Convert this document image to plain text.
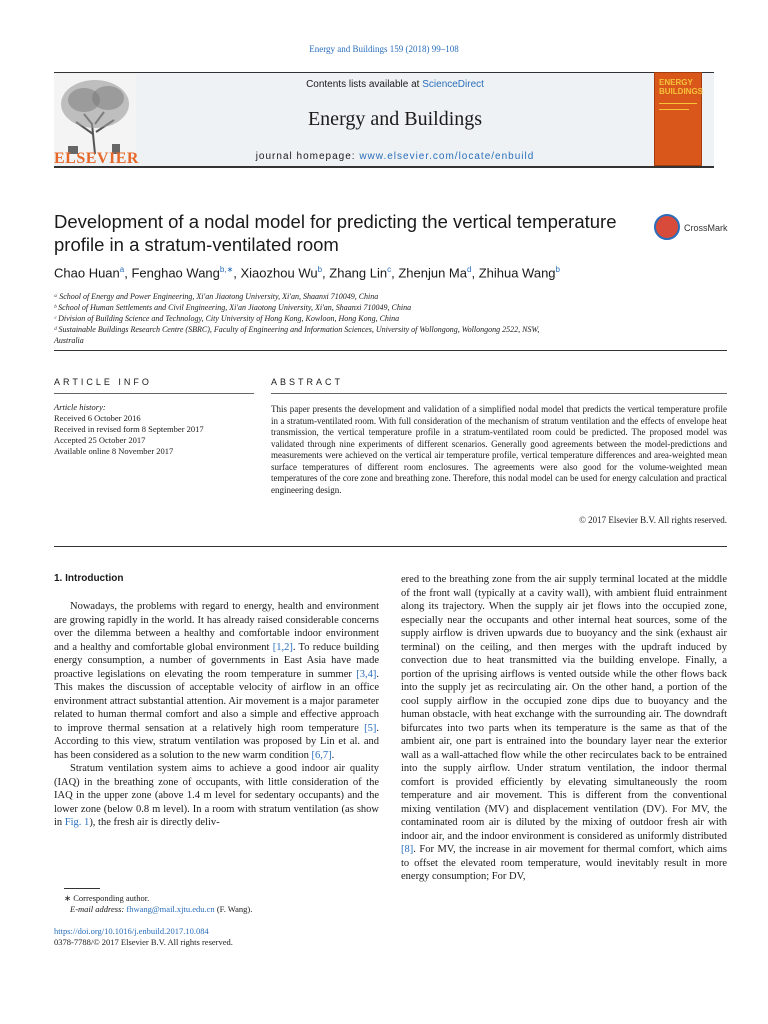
Energy and Buildings 159 (2018) 99–108
ELSEVIER
Contents lists available at ScienceDirect
Energy and Buildings
journal homepage: www.elsevier.com/locate/enbuild
ENERGY
BUILDINGS
Development of a nodal model for predicting the vertical temperature profile in a stratum-ventilated room
CrossMark
Chao Huan$^a$, Fenghao Wang$^{b,∗}$, Xiaozhou Wu$^b$, Zhang Lin$^c$, Zhenjun Ma$^d$, Zhihua Wang$^b$
ᵃ School of Energy and Power Engineering, Xi'an Jiaotong University, Xi'an, Shaanxi 710049, China
ᵇ School of Human Settlements and Civil Engineering, Xi'an Jiaotong University, Xi'an, Shaanxi 710049, China
ᶜ Division of Building Science and Technology, City University of Hong Kong, Kowloon, Hong Kong, China
ᵈ Sustainable Buildings Research Centre (SBRC), Faculty of Engineering and Information Sciences, University of Wollongong, Wollongong 2522, NSW,
Australia
ARTICLE INFO
Article history:
Received 6 October 2016
Received in revised form 8 September 2017
Accepted 25 October 2017
Available online 8 November 2017
ABSTRACT
This paper presents the development and validation of a simplified nodal model that predicts the vertical temperature profile in a stratum-ventilated room. With full consideration of the mechanism of stratum ventilation and the effects of envelope heat transmission, the vertical temperature profile in a stratum-ventilated room could be predicted. The proposed model was validated through nine experiments of different scenarios. Generally good agreements between the model-predictions and measurements were achieved on the vertical air temperature profile, vertical temperature differences and area-weighted mean surface temperatures of different room enclosures. The agreements were also good for the volume-weighted mean temperatures of the core zone and breathing zone. Therefore, this nodal model can be used for energy calculation and practical engineering design.
© 2017 Elsevier B.V. All rights reserved.
1. Introduction

Nowadays, the problems with regard to energy, health and environment are growing rapidly in the world. It has already raised considerable concerns over the dilemma between a healthy and comfortable indoor environment and a healthy and comfortable global environment [1,2]. To reduce building energy consumption, a number of governments in East Asia have made proactive legislations on elevating the room temperature in summer [3,4]. This makes the discussion of acceptable velocity of airflow in an office environment attract substantial attention. Air movement is a major parameter related to human thermal comfort and also a simple and effective approach to improve thermal sensation at a relatively high room temperature [5]. According to this view, stratum ventilation was proposed by Lin et al. and has been considered as a solution to the new warm condition [6,7].

Stratum ventilation system aims to achieve a good indoor air quality (IAQ) in the breathing zone of occupants, with little consideration of the IAQ in the upper zone (above 1.4 m level for sedentary occupants) and the lower zone (below 0.8 m level). In a room with stratum ventilation (as show in Fig. 1), the fresh air is directly deliv-

ered to the breathing zone from the air supply terminal located at the middle of the front wall (typically at a cavity wall), with ambient fluid entrainment along its trajectory. When the supply air jet flows into the occupied zone, especially near the occupants and other internal heat sources, some of the supply airflow is driven upwards due to buoyancy and the sink (exhaust air terminal) on the ceiling, and then merges with the updraft induced by convection due to heat transmitted via the building envelope. Finally, a portion of the uprising airflows is vented outside while the other flows back into the supply jet as recirculating air. On the other hand, a portion of the cool supply airflow in the occupied zone dips due to buoyancy and the human obstacle, with heat exchange with the surrounding air. The downdraft bifurcates into two parts when its temperature is the same as that of the ambient air, one part is entrained into the boundary layer near the exterior wall as a wall-attached flow while the other recirculates back to be entrained into the supply airflow. Under stratum ventilation, the indoor thermal comfort is provided efficiently by elevating simultaneously the room temperature and air movement. This is different from the conventional mixing ventilation (MV) and displacement ventilation (DV). For MV, the contaminated room air is diluted by the mixing of outdoor fresh air with indoor air, and the indoor environment is considered as uniformly distributed [8]. For MV, the increase in air movement for thermal comfort, which aims to offset the elevated room temperature, would inevitably result in more energy consumption; For DV,

∗ Corresponding author.
E-mail address: fhwang@mail.xjtu.edu.cn (F. Wang).
https://doi.org/10.1016/j.enbuild.2017.10.084
0378-7788/© 2017 Elsevier B.V. All rights reserved.
